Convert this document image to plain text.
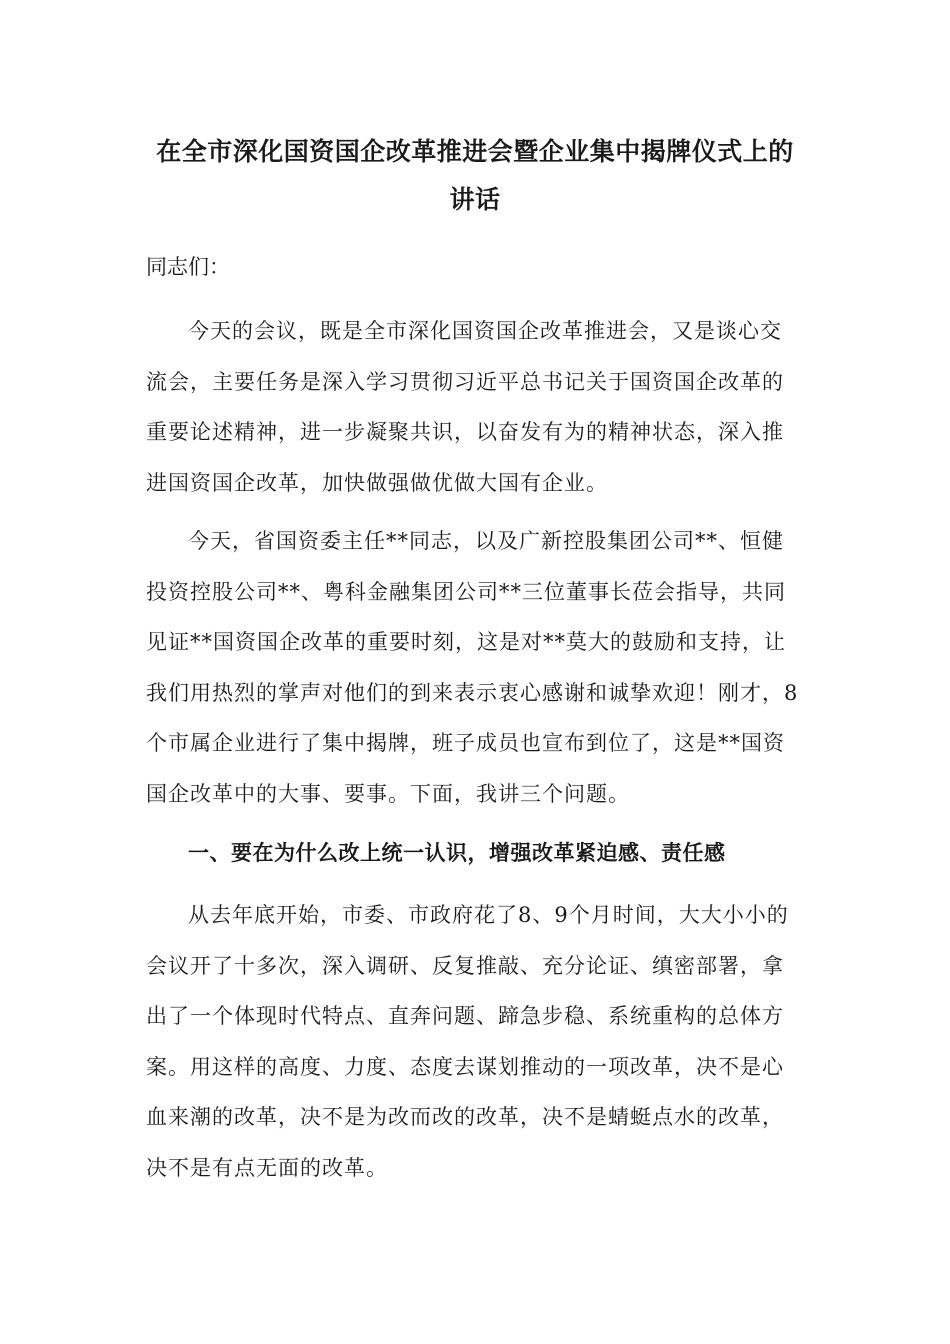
在全市深化国资国企改革推进会暨企业集中揭牌仪式上的
讲话

同志们：

今天的会议，既是全市深化国资国企改革推进会，又是谈心交
流会，主要任务是深入学习贯彻习近平总书记关于国资国企改革的
重要论述精神，进一步凝聚共识，以奋发有为的精神状态，深入推
进国资国企改革，加快做强做优做大国有企业。

今天，省国资委主任**同志，以及广新控股集团公司**、恒健
投资控股公司**、粤科金融集团公司**三位董事长莅会指导，共同
见证**国资国企改革的重要时刻，这是对**莫大的鼓励和支持，让
我们用热烈的掌声对他们的到来表示衷心感谢和诚挚欢迎！刚才，8
个市属企业进行了集中揭牌，班子成员也宣布到位了，这是**国资
国企改革中的大事、要事。下面，我讲三个问题。

一、要在为什么改上统一认识，增强改革紧迫感、责任感

从去年底开始，市委、市政府花了8、9个月时间，大大小小的
会议开了十多次，深入调研、反复推敲、充分论证、缜密部署，拿
出了一个体现时代特点、直奔问题、蹄急步稳、系统重构的总体方
案。用这样的高度、力度、态度去谋划推动的一项改革，决不是心
血来潮的改革，决不是为改而改的改革，决不是蜻蜓点水的改革，
决不是有点无面的改革。
